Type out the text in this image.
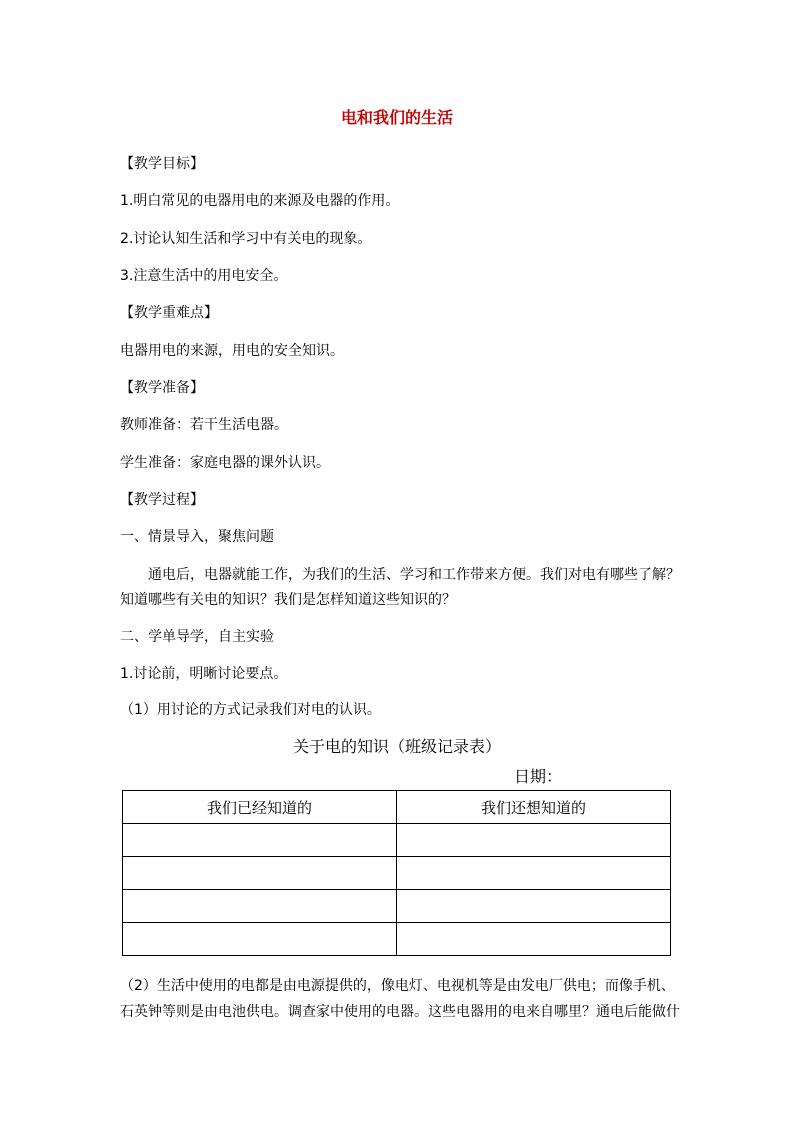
电和我们的生活
【教学目标】
1.明白常见的电器用电的来源及电器的作用。
2.讨论认知生活和学习中有关电的现象。
3.注意生活中的用电安全。
【教学重难点】
电器用电的来源，用电的安全知识。
【教学准备】
教师准备：若干生活电器。
学生准备：家庭电器的课外认识。
【教学过程】
一、情景导入，聚焦问题
通电后，电器就能工作，为我们的生活、学习和工作带来方便。我们对电有哪些了解？
知道哪些有关电的知识？我们是怎样知道这些知识的？
二、学单导学，自主实验
1.讨论前，明晰讨论要点。
（1）用讨论的方式记录我们对电的认识。
关于电的知识（班级记录表）
日期：
我们已经知道的	我们还想知道的

（2）生活中使用的电都是由电源提供的，像电灯、电视机等是由发电厂供电；而像手机、
石英钟等则是由电池供电。调查家中使用的电器。这些电器用的电来自哪里？通电后能做什
